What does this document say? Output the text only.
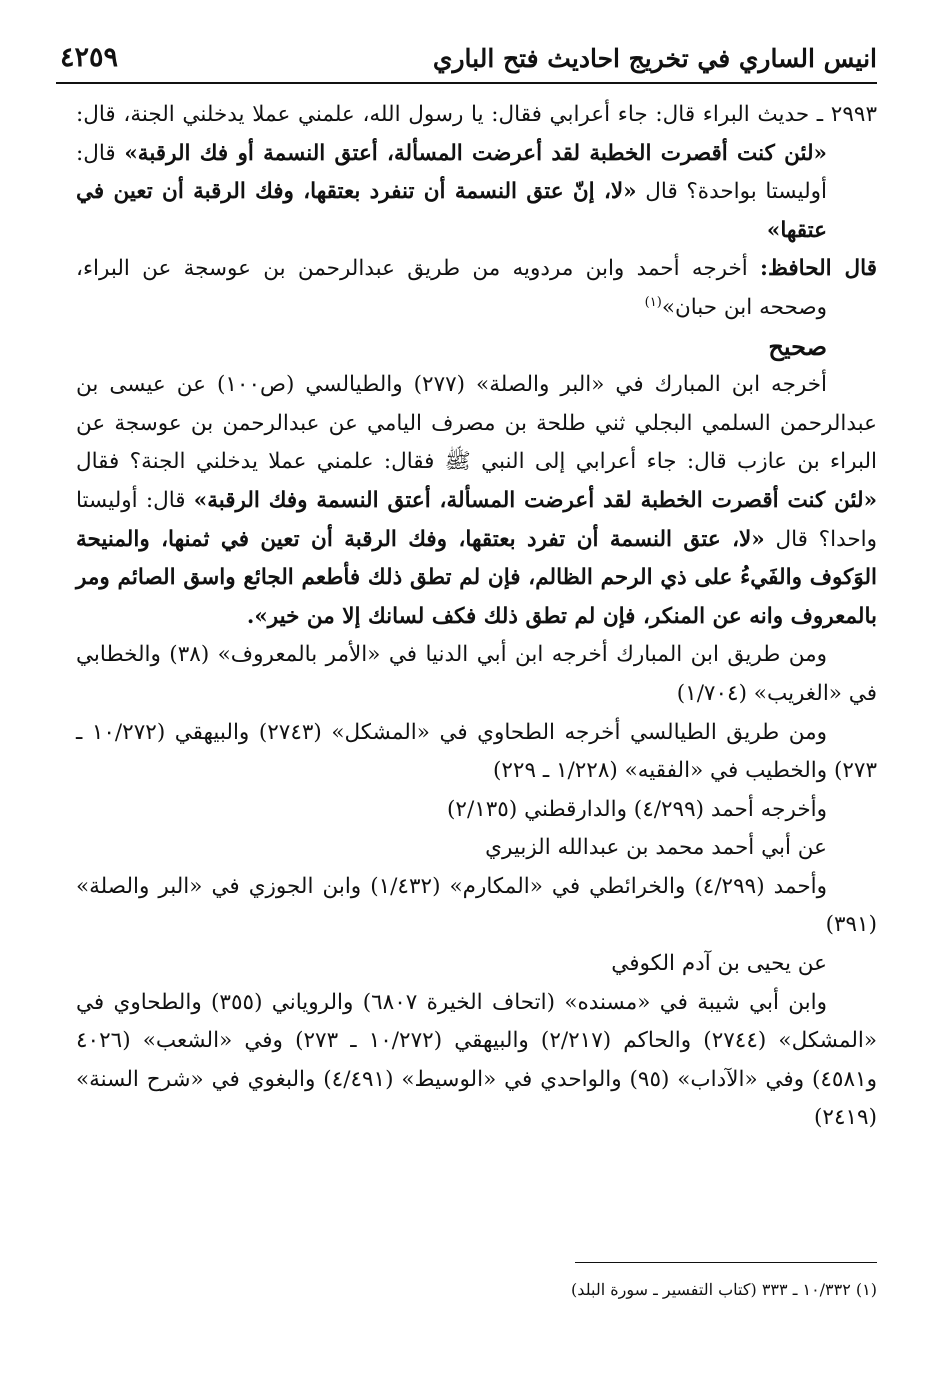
انيس الساري في تخريج احاديث فتح الباري
٤٢٥٩

٢٩٩٣ ـ حديث البراء قال: جاء أعرابي فقال: يا رسول الله، علمني عملا يدخلني الجنة، قال: «لئن كنت أقصرت الخطبة لقد أعرضت المسألة، أعتق النسمة أو فك الرقبة» قال: أوليستا بواحدة؟ قال «لا، إنّ عتق النسمة أن تنفرد بعتقها، وفك الرقبة أن تعين في عتقها»

قال الحافظ: أخرجه أحمد وابن مردويه من طريق عبدالرحمن بن عوسجة عن البراء، وصححه ابن حبان»$^{(١)}$

صحيح

أخرجه ابن المبارك في «البر والصلة» (٢٧٧) والطيالسي (ص١٠٠) عن عيسى بن عبدالرحمن السلمي البجلي ثني طلحة بن مصرف اليامي عن عبدالرحمن بن عوسجة عن البراء بن عازب قال: جاء أعرابي إلى النبي ﷺ فقال: علمني عملا يدخلني الجنة؟ فقال «لئن كنت أقصرت الخطبة لقد أعرضت المسألة، أعتق النسمة وفك الرقبة» قال: أوليستا واحدا؟ قال «لا، عتق النسمة أن تفرد بعتقها، وفك الرقبة أن تعين في ثمنها، والمنيحة الوَكوف والفَيءُ على ذي الرحم الظالم، فإن لم تطق ذلك فأطعم الجائع واسق الصائم ومر بالمعروف وانه عن المنكر، فإن لم تطق ذلك فكف لسانك إلا من خير».

ومن طريق ابن المبارك أخرجه ابن أبي الدنيا في «الأمر بالمعروف» (٣٨) والخطابي في «الغريب» (١/٧٠٤)

ومن طريق الطيالسي أخرجه الطحاوي في «المشكل» (٢٧٤٣) والبيهقي (١٠/٢٧٢ ـ ٢٧٣) والخطيب في «الفقيه» (١/٢٢٨ ـ ٢٢٩)

وأخرجه أحمد (٤/٢٩٩) والدارقطني (٢/١٣٥)

عن أبي أحمد محمد بن عبدالله الزبيري

وأحمد (٤/٢٩٩) والخرائطي في «المكارم» (١/٤٣٢) وابن الجوزي في «البر والصلة» (٣٩١)

عن يحيى بن آدم الكوفي

وابن أبي شيبة في «مسنده» (اتحاف الخيرة ٦٨٠٧) والروياني (٣٥٥) والطحاوي في «المشكل» (٢٧٤٤) والحاكم (٢/٢١٧) والبيهقي (١٠/٢٧٢ ـ ٢٧٣) وفي «الشعب» (٤٠٢٦ و٤٥٨١) وفي «الآداب» (٩٥) والواحدي في «الوسيط» (٤/٤٩١) والبغوي في «شرح السنة» (٢٤١٩)

(١) ١٠/٣٣٢ ـ ٣٣٣ (كتاب التفسير ـ سورة البلد)
